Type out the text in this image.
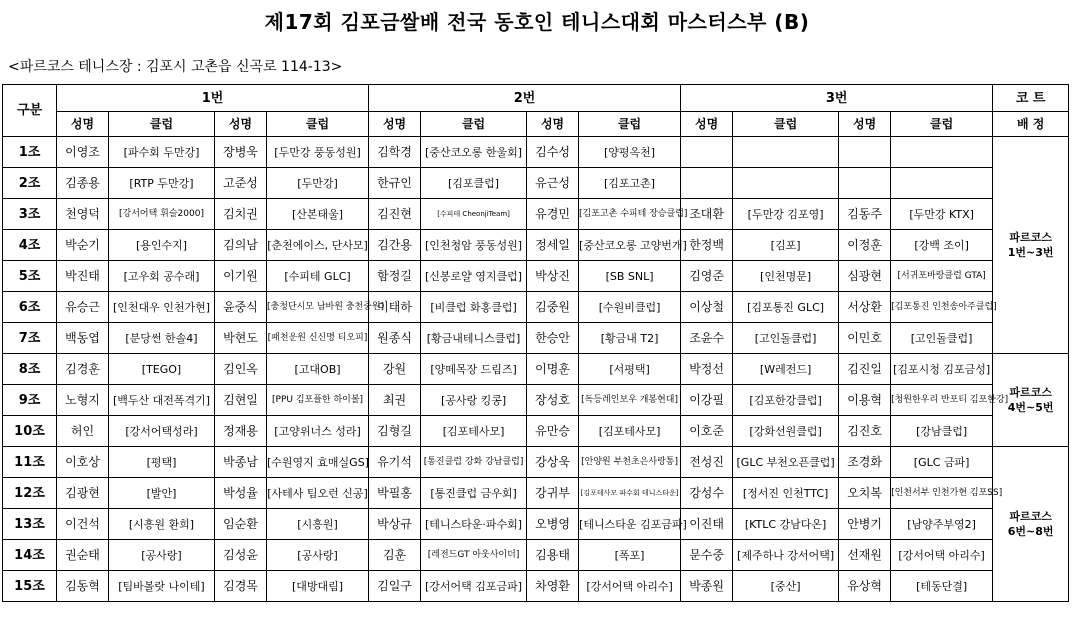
제17회 김포금쌀배 전국 동호인 테니스대회 마스터스부 (B)
<파르코스 테니스장 : 김포시 고촌읍 신곡로 114-13>
구분	1번				2번				3번				코 트
	성명	클럽	성명	클럽	성명	클럽	성명	클럽	성명	클럽	성명	클럽	배 정
1조	이영조	[파수회 두만강]	장병욱	[두만강 풍동성원]	김학경	[중산코오롱 한울회]	김수성	[양평옥천]					파르코스
1번~3번
2조	김종용	[RTP 두만강]	고준성	[두만강]	한규인	[김포클럽]	유근성	[김포고촌]					
3조	천영덕	[강서어택 휘슬2000]	김치권	[산본태울]	김진현	[수피테 CheonjiTeam]	유경민	[김포고촌 수피테 장승클럽]	조대환	[두만강 김포영]	김동주	[두만강 KTX]	
4조	박순기	[용인수지]	김의남	[춘천에이스, 단사모]	김간용	[인천청암 풍동성원]	정세일	[중산코오롱 고양번개]	한정백	[김포]	이정훈	[강백 조이]	
5조	박진태	[고우회 공수래]	이기원	[수피테 GLC]	함정길	[신봉로얄 영지클럽]	박상진	[SB SNL]	김영준	[인천명문]	심광현	[서귀포바랑클럽 GTA]	
6조	유승근	[인천대우 인천가현]	윤중식	[충청단시모 남바원 충천중원]	이태하	[비클럽 화홍클럽]	김중원	[수원비클럽]	이상철	[김포통진 GLC]	서상환	[김포통진 인천송아주클럽]	
7조	백동엽	[분당썬 한솔4]	박현도	[패천운원 신신명 티오피]	원종식	[황금내테니스클럽]	한승안	[황금내 T2]	조윤수	[고인돌클럽]	이민호	[고인돌클럽]	
8조	김경훈	[TEGO]	김인옥	[고대OB]	강원	[양떼목장 드림즈]	이명훈	[서평택]	박정선	[W레전드]	김진일	[김포시청 김포금성]	파르코스
4번~5번
9조	노형지	[백두산 대전폭격기]	김현일	[PPU 김포플한 하이볼]	최권	[공사랑 킹콩]	장성호	[독등레인보우 개봉현대]	이강필	[김포한강클럽]	이용혁	[청원한우리 반포티 김포한강]	
10조	허인	[강서어택성라]	정재용	[고양위너스 성라]	김형길	[김포테사모]	유만승	[김포테사모]	이호준	[강화선원클럽]	김진호	[강남클럽]	
11조	이호상	[평택]	박종남	[수원영지 효매실GS]	유기석	[통진클럽 강화 강남클럽]	강상욱	[안양원 부천초은사랑통]	전성진	[GLC 부천오픈클럽]	조경화	[GLC 금파]	파르코스
6번~8번
12조	김광현	[발안]	박성율	[사테사 팀오런 신공]	박필홍	[통진클럽 금우회]	강귀부	[김포테사모 파수회 테니스타운]	강성수	[정서진 인천TTC]	오치복	[인천서부 인천가현 김포SS]	
13조	이건석	[시흥원 환희]	임순환	[시흥원]	박상규	[테니스타운·파수회]	오병영	[테니스타운 김포금파]	이진태	[KTLC 강남다온]	안병기	[남양주부영2]	
14조	권순태	[공사랑]	김성윤	[공사랑]	김훈	[레전드GT 아웃사이더]	김용태	[폭포]	문수중	[제주하나 강서어택]	선재원	[강서어택 아리수]	
15조	김동혁	[팀바볼랏 나이테]	김경목	[대방대림]	김일구	[강서어택 김포금파]	차영환	[강서어택 아리수]	박종원	[중산]	유상혁	[테동단결]	
